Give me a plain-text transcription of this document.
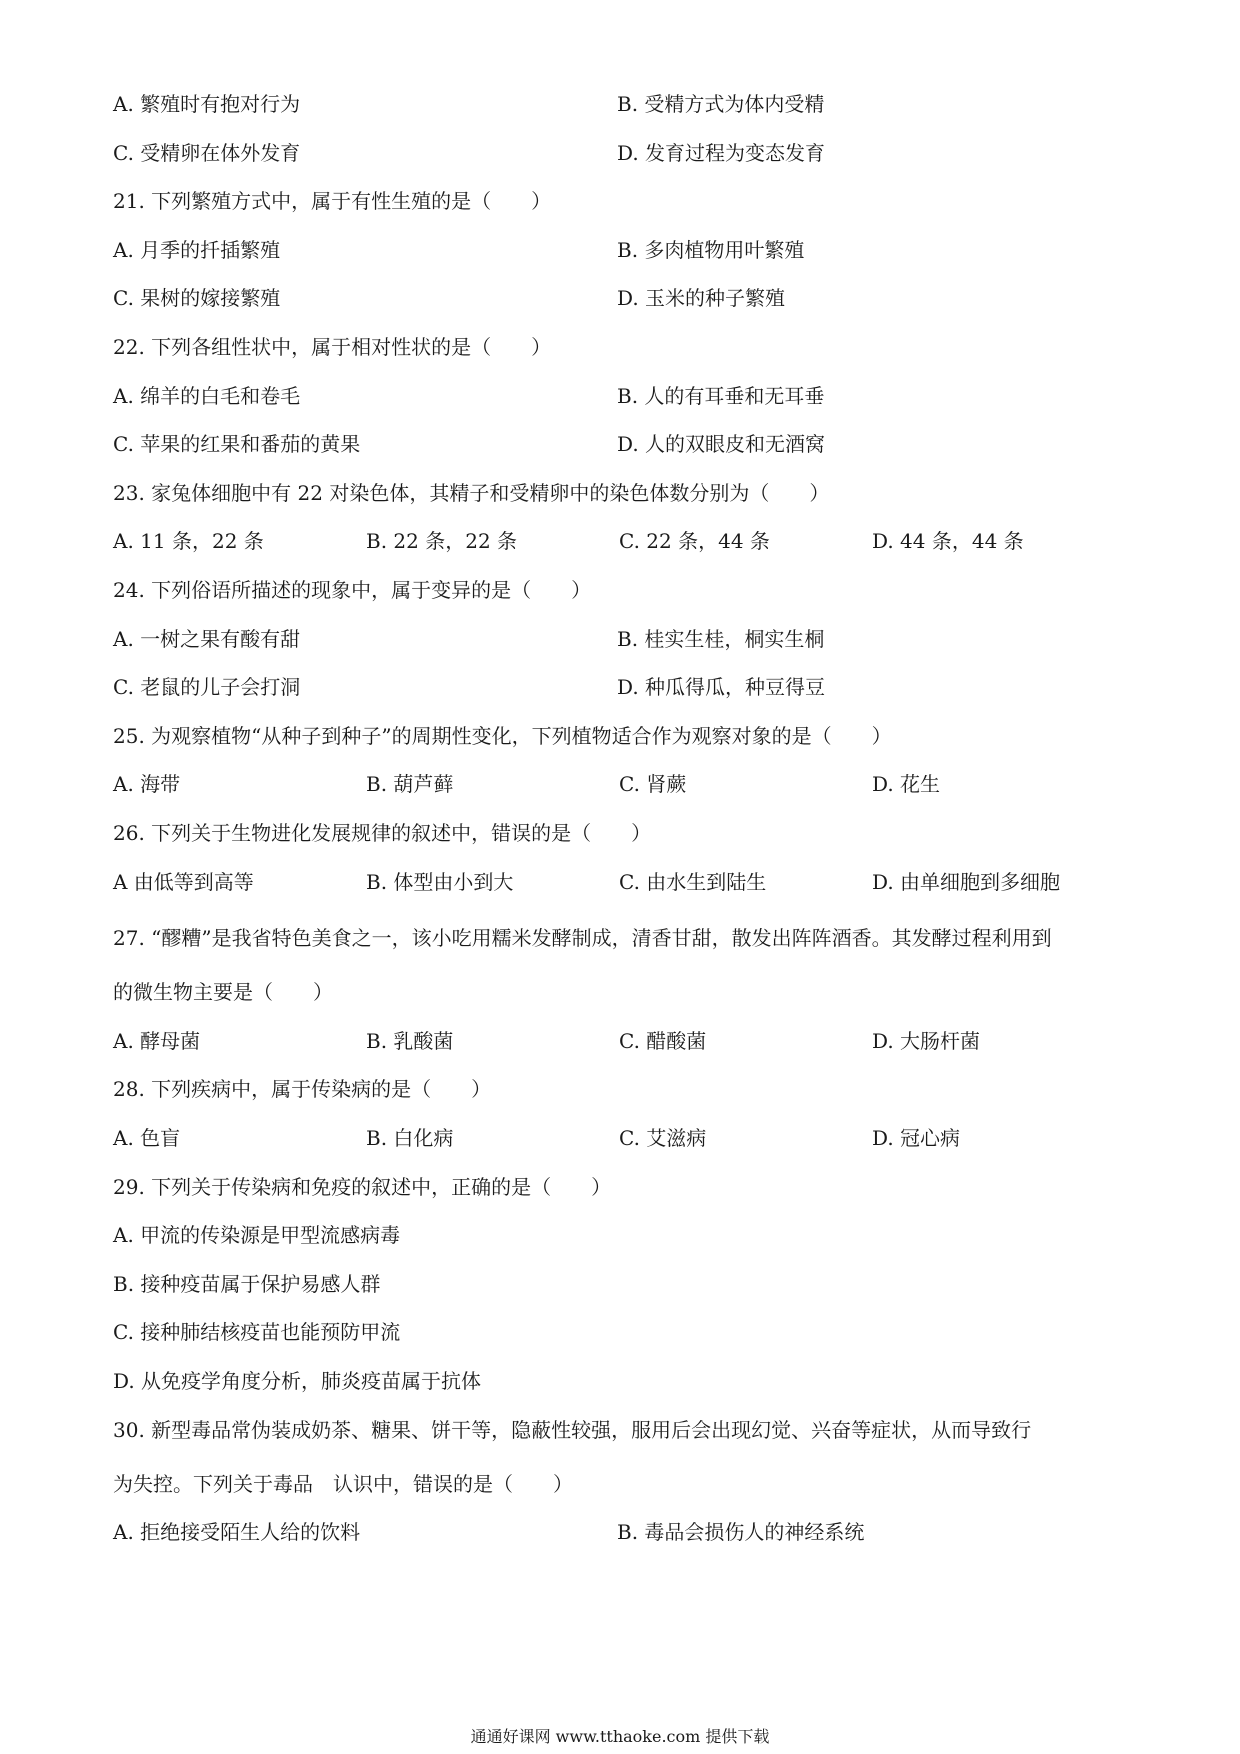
A. 繁殖时有抱对行为	B. 受精方式为体内受精
C. 受精卵在体外发育	D. 发育过程为变态发育
21. 下列繁殖方式中，属于有性生殖的是（　　）
A. 月季的扦插繁殖	B. 多肉植物用叶繁殖
C. 果树的嫁接繁殖	D. 玉米的种子繁殖
22. 下列各组性状中，属于相对性状的是（　　）
A. 绵羊的白毛和卷毛	B. 人的有耳垂和无耳垂
C. 苹果的红果和番茄的黄果	D. 人的双眼皮和无酒窝
23. 家兔体细胞中有 22 对染色体，其精子和受精卵中的染色体数分别为（　　）
A. 11 条，22 条	B. 22 条，22 条	C. 22 条，44 条	D. 44 条，44 条
24. 下列俗语所描述的现象中，属于变异的是（　　）
A. 一树之果有酸有甜	B. 桂实生桂，桐实生桐
C. 老鼠的儿子会打洞	D. 种瓜得瓜，种豆得豆
25. 为观察植物“从种子到种子”的周期性变化，下列植物适合作为观察对象的是（　　）
A. 海带	B. 葫芦藓	C. 肾蕨	D. 花生
26. 下列关于生物进化发展规律的叙述中，错误的是（　　）
A 由低等到高等	B. 体型由小到大	C. 由水生到陆生	D. 由单细胞到多细胞
27. “醪糟”是我省特色美食之一，该小吃用糯米发酵制成，清香甘甜，散发出阵阵酒香。其发酵过程利用到
的微生物主要是（　　）
A. 酵母菌	B. 乳酸菌	C. 醋酸菌	D. 大肠杆菌
28. 下列疾病中，属于传染病的是（　　）
A. 色盲	B. 白化病	C. 艾滋病	D. 冠心病
29. 下列关于传染病和免疫的叙述中，正确的是（　　）
A. 甲流的传染源是甲型流感病毒
B. 接种疫苗属于保护易感人群
C. 接种肺结核疫苗也能预防甲流
D. 从免疫学角度分析，肺炎疫苗属于抗体
30. 新型毒品常伪装成奶茶、糖果、饼干等，隐蔽性较强，服用后会出现幻觉、兴奋等症状，从而导致行
为失控。下列关于毒品　认识中，错误的是（　　）
A. 拒绝接受陌生人给的饮料	B. 毒品会损伤人的神经系统
通通好课网 www.tthaoke.com 提供下载
